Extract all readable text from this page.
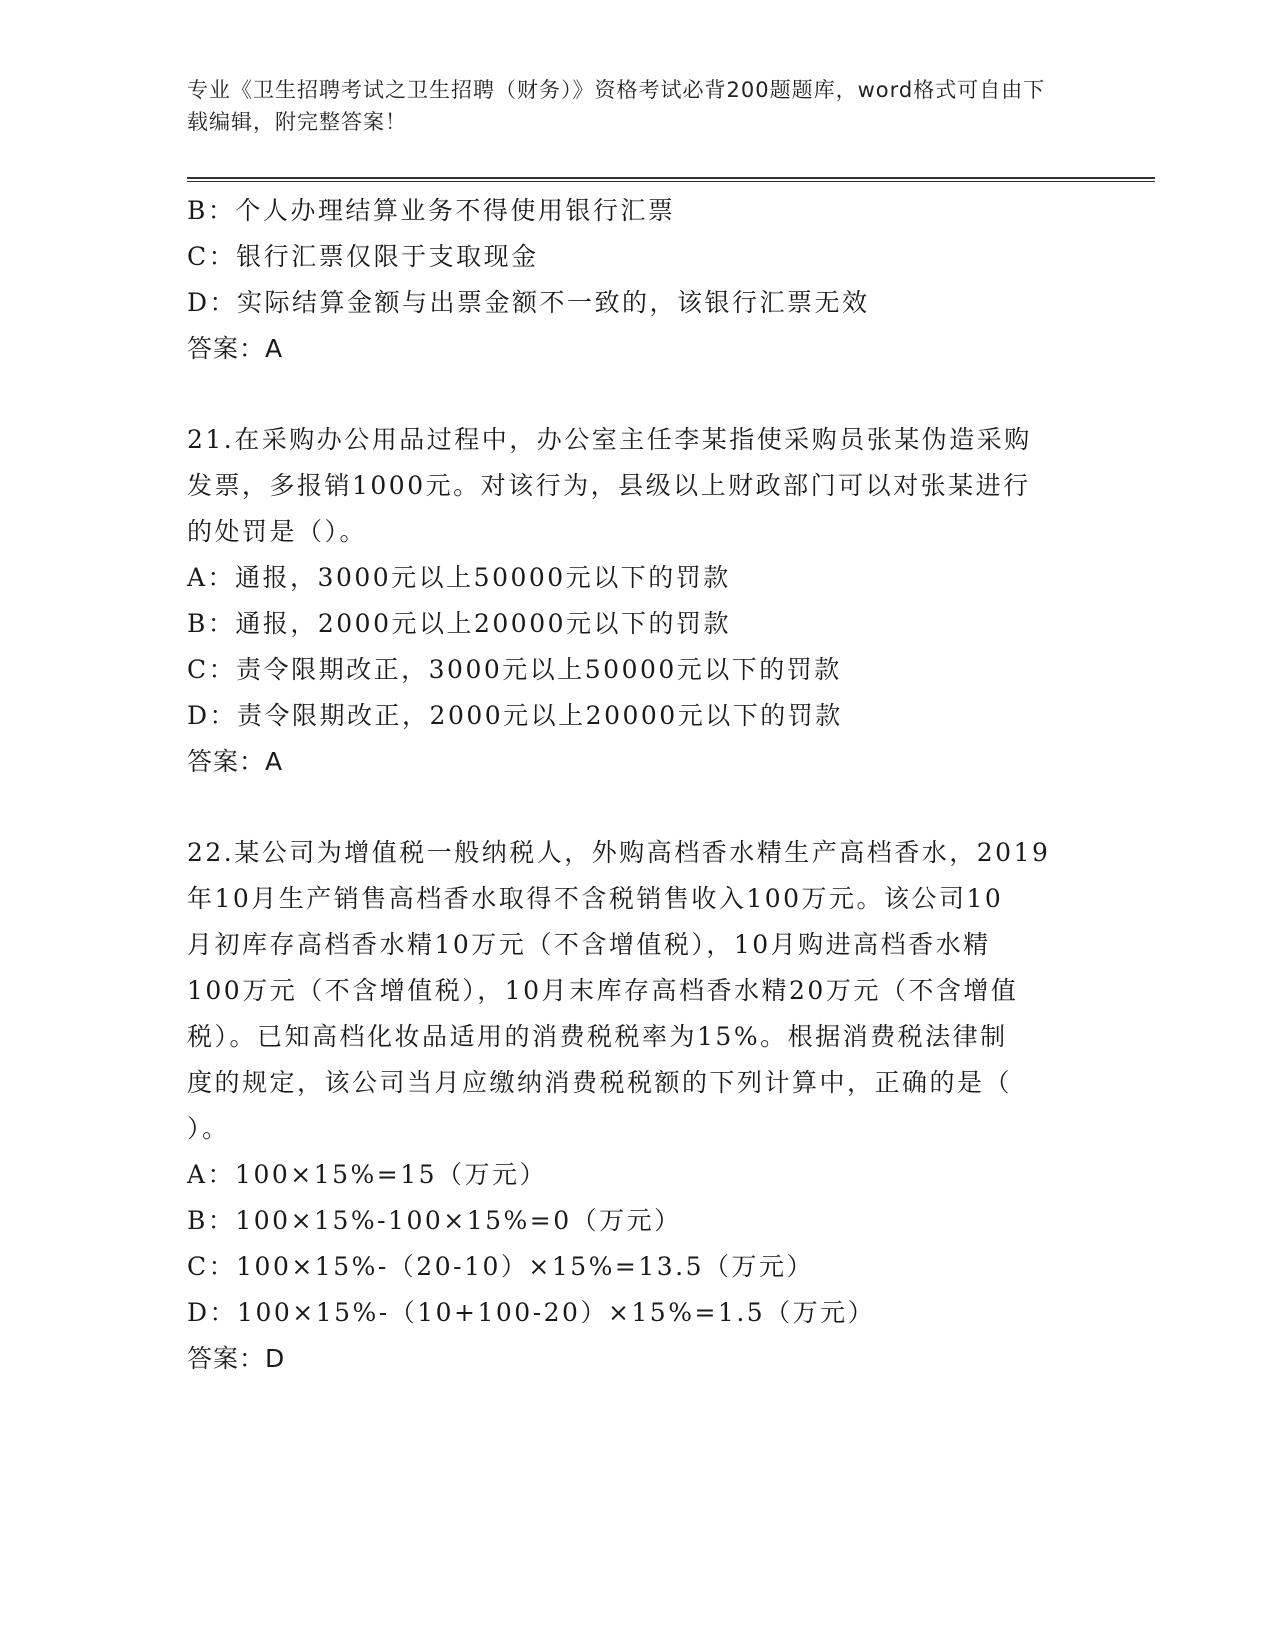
专业《卫生招聘考试之卫生招聘（财务）》资格考试必背200题题库，word格式可自由下载编辑，附完整答案！
B：个人办理结算业务不得使用银行汇票
C：银行汇票仅限于支取现金
D：实际结算金额与出票金额不一致的，该银行汇票无效
答案：A
21.在采购办公用品过程中，办公室主任李某指使采购员张某伪造采购
发票，多报销1000元。对该行为，县级以上财政部门可以对张某进行
的处罚是（）。
A：通报，3000元以上50000元以下的罚款
B：通报，2000元以上20000元以下的罚款
C：责令限期改正，3000元以上50000元以下的罚款
D：责令限期改正，2000元以上20000元以下的罚款
答案：A
22.某公司为增值税一般纳税人，外购高档香水精生产高档香水，2019
年10月生产销售高档香水取得不含税销售收入100万元。该公司10
月初库存高档香水精10万元（不含增值税），10月购进高档香水精
100万元（不含增值税），10月末库存高档香水精20万元（不含增值
税）。已知高档化妆品适用的消费税税率为15%。根据消费税法律制
度的规定，该公司当月应缴纳消费税税额的下列计算中，正确的是（
）。
A：100×15%=15（万元）
B：100×15%-100×15%=0（万元）
C：100×15%-（20-10）×15%=13.5（万元）
D：100×15%-（10+100-20）×15%=1.5（万元）
答案：D
